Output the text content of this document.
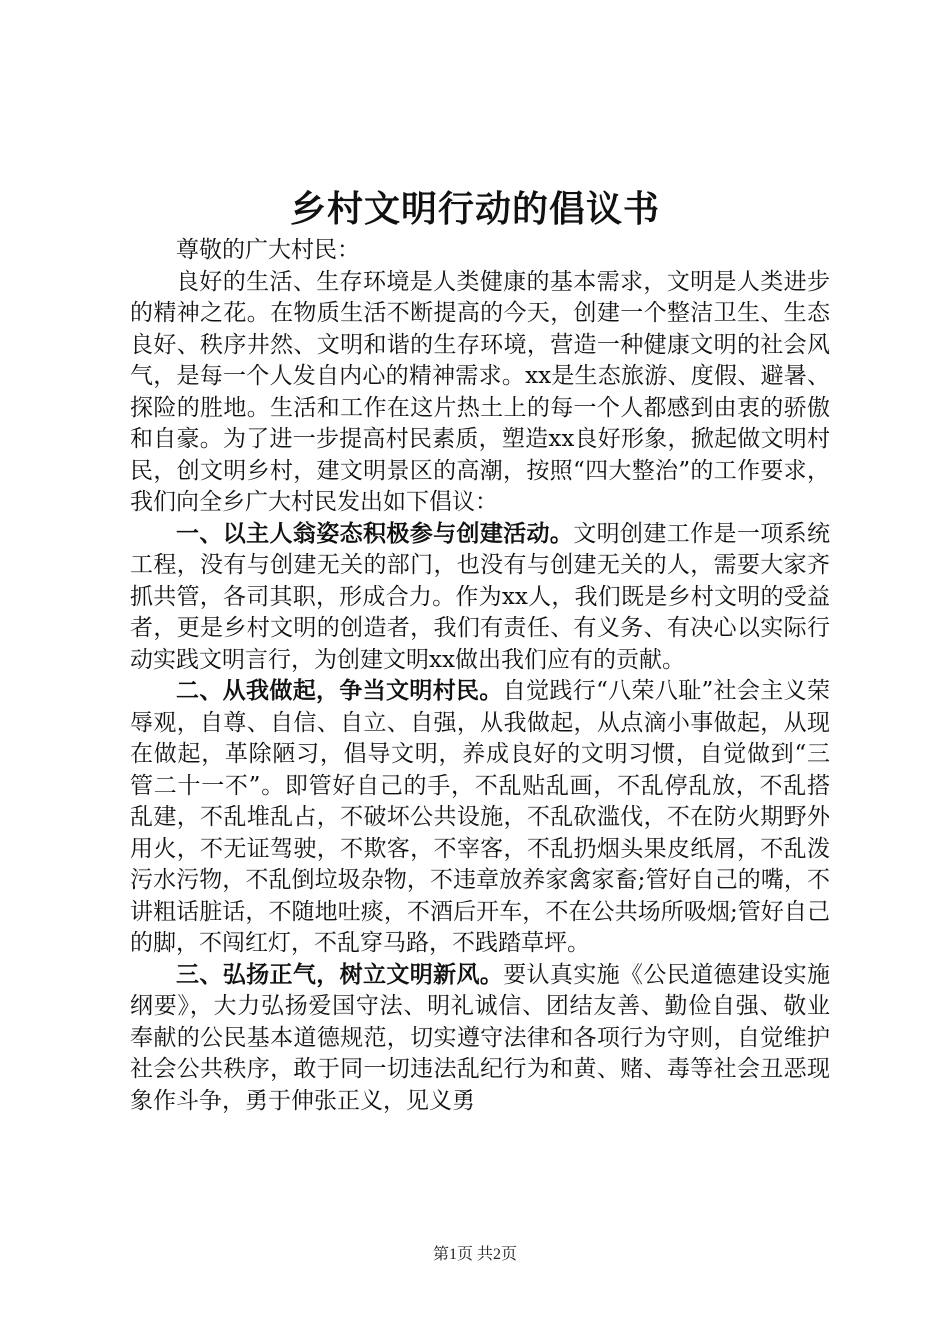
乡村文明行动的倡议书

尊敬的广大村民：

良好的生活、生存环境是人类健康的基本需求，文明是人类进步的精神之花。在物质生活不断提高的今天，创建一个整洁卫生、生态良好、秩序井然、文明和谐的生存环境，营造一种健康文明的社会风气，是每一个人发自内心的精神需求。xx是生态旅游、度假、避暑、探险的胜地。生活和工作在这片热土上的每一个人都感到由衷的骄傲和自豪。为了进一步提高村民素质，塑造xx良好形象，掀起做文明村民，创文明乡村，建文明景区的高潮，按照“四大整治”的工作要求，我们向全乡广大村民发出如下倡议：

一、以主人翁姿态积极参与创建活动。文明创建工作是一项系统工程，没有与创建无关的部门，也没有与创建无关的人，需要大家齐抓共管，各司其职，形成合力。作为xx人，我们既是乡村文明的受益者，更是乡村文明的创造者，我们有责任、有义务、有决心以实际行动实践文明言行，为创建文明xx做出我们应有的贡献。

二、从我做起，争当文明村民。自觉践行“八荣八耻”社会主义荣辱观，自尊、自信、自立、自强，从我做起，从点滴小事做起，从现在做起，革除陋习，倡导文明，养成良好的文明习惯，自觉做到“三管二十一不”。即管好自己的手，不乱贴乱画，不乱停乱放，不乱搭乱建，不乱堆乱占，不破坏公共设施，不乱砍滥伐，不在防火期野外用火，不无证驾驶，不欺客，不宰客，不乱扔烟头果皮纸屑，不乱泼污水污物，不乱倒垃圾杂物，不违章放养家禽家畜;管好自己的嘴，不讲粗话脏话，不随地吐痰，不酒后开车，不在公共场所吸烟;管好自己的脚，不闯红灯，不乱穿马路，不践踏草坪。

三、弘扬正气，树立文明新风。要认真实施《公民道德建设实施纲要》，大力弘扬爱国守法、明礼诚信、团结友善、勤俭自强、敬业奉献的公民基本道德规范，切实遵守法律和各项行为守则，自觉维护社会公共秩序，敢于同一切违法乱纪行为和黄、赌、毒等社会丑恶现象作斗争，勇于伸张正义，见义勇

第1页 共2页
